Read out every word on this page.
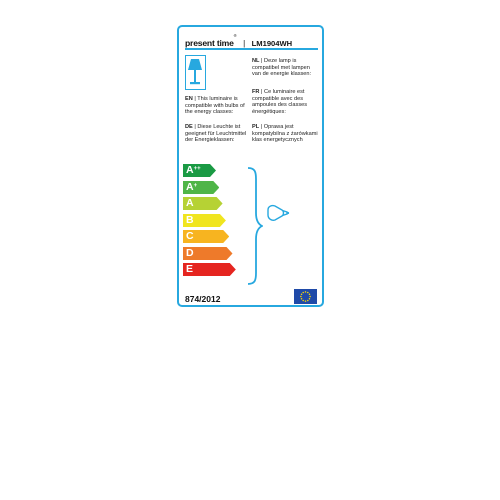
present time® | LM1904WH
EN | This luminaire is compatible with bulbs of the energy classes:
DE | Diese Leuchte ist geeignet für Leuchtmittel der Energieklassen:
NL | Deze lamp is compatibel met lampen van de energie klassen:
FR | Ce luminaire est compatible avec des ampoules des classes énergétiques:
PL | Oprawa jest kompatybilna z żarówkami klas energetycznych
A++
A+
A
B
C
D
E
874/2012
